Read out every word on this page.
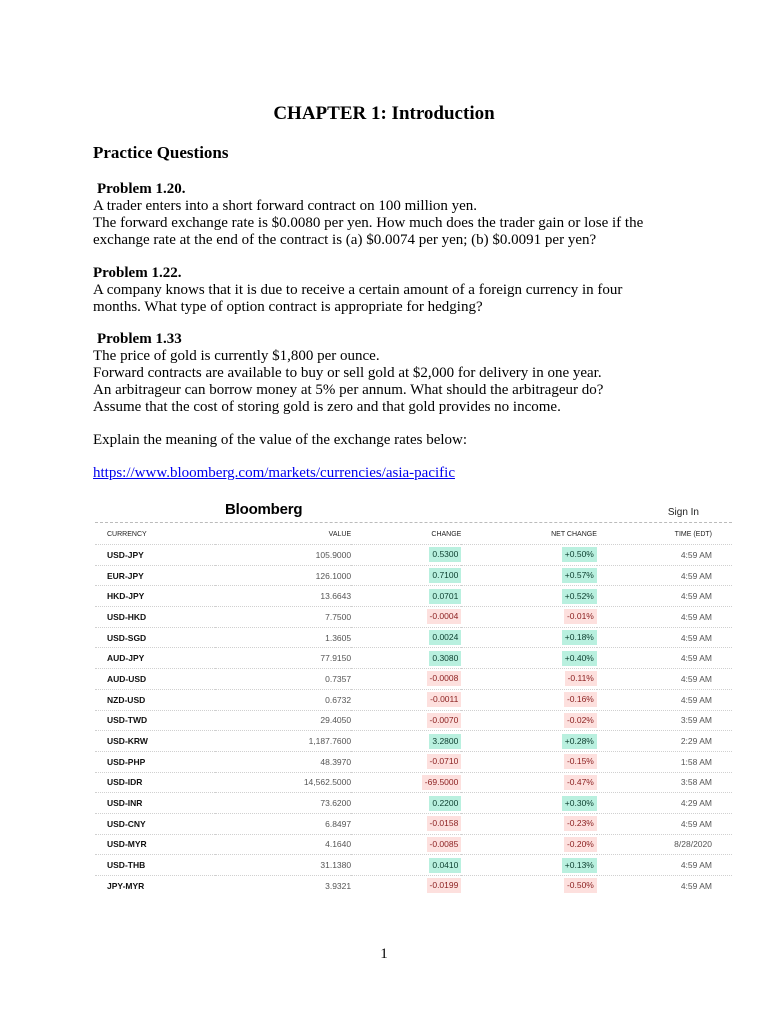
CHAPTER 1: Introduction
Practice Questions
Problem 1.20.
A trader enters into a short forward contract on 100 million yen.
The forward exchange rate is $0.0080 per yen. How much does the trader gain or lose if the
exchange rate at the end of the contract is (a) $0.0074 per yen; (b) $0.0091 per yen?
Problem 1.22.
A company knows that it is due to receive a certain amount of a foreign currency in four
months. What type of option contract is appropriate for hedging?
Problem 1.33
The price of gold is currently $1,800 per ounce.
Forward contracts are available to buy or sell gold at $2,000 for delivery in one year.
An arbitrageur can borrow money at 5% per annum. What should the arbitrageur do?
Assume that the cost of storing gold is zero and that gold provides no income.
Explain the meaning of the value of the exchange rates below:
https://www.bloomberg.com/markets/currencies/asia-pacific
Bloomberg	Sign In
CURRENCY	VALUE	CHANGE	NET CHANGE	TIME (EDT)
USD-JPY	105.9000	0.5300	+0.50%	4:59 AM
EUR-JPY	126.1000	0.7100	+0.57%	4:59 AM
HKD-JPY	13.6643	0.0701	+0.52%	4:59 AM
USD-HKD	7.7500	-0.0004	-0.01%	4:59 AM
USD-SGD	1.3605	0.0024	+0.18%	4:59 AM
AUD-JPY	77.9150	0.3080	+0.40%	4:59 AM
AUD-USD	0.7357	-0.0008	-0.11%	4:59 AM
NZD-USD	0.6732	-0.0011	-0.16%	4:59 AM
USD-TWD	29.4050	-0.0070	-0.02%	3:59 AM
USD-KRW	1,187.7600	3.2800	+0.28%	2:29 AM
USD-PHP	48.3970	-0.0710	-0.15%	1:58 AM
USD-IDR	14,562.5000	-69.5000	-0.47%	3:58 AM
USD-INR	73.6200	0.2200	+0.30%	4:29 AM
USD-CNY	6.8497	-0.0158	-0.23%	4:59 AM
USD-MYR	4.1640	-0.0085	-0.20%	8/28/2020
USD-THB	31.1380	0.0410	+0.13%	4:59 AM
JPY-MYR	3.9321	-0.0199	-0.50%	4:59 AM
1
